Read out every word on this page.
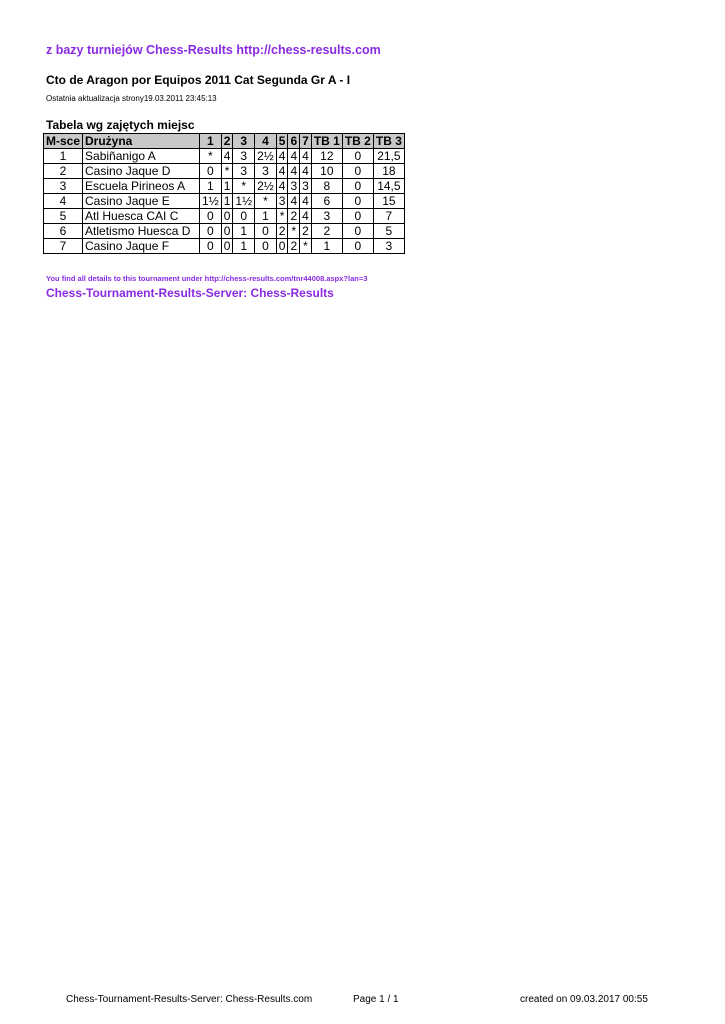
z bazy turniejów Chess-Results http://chess-results.com
Cto de Aragon por Equipos 2011 Cat Segunda Gr A - I
Ostatnia aktualizacja strony19.03.2011 23:45:13
Tabela wg zajętych miejsc
M-sce	Drużyna	1	2	3	4	5	6	7	TB 1	TB 2	TB 3
1	Sabiñanigo A	*	4	3	2½	4	4	4	12	0	21,5
2	Casino Jaque D	0	*	3	3	4	4	4	10	0	18
3	Escuela Pirineos A	1	1	*	2½	4	3	3	8	0	14,5
4	Casino Jaque E	1½	1	1½	*	3	4	4	6	0	15
5	Atl Huesca CAI C	0	0	0	1	*	2	4	3	0	7
6	Atletismo Huesca D	0	0	1	0	2	*	2	2	0	5
7	Casino Jaque F	0	0	1	0	0	2	*	1	0	3
You find all details to this tournament under http://chess-results.com/tnr44008.aspx?lan=3
Chess-Tournament-Results-Server: Chess-Results
Chess-Tournament-Results-Server: Chess-Results.com	Page 1 / 1	created on 09.03.2017 00:55
